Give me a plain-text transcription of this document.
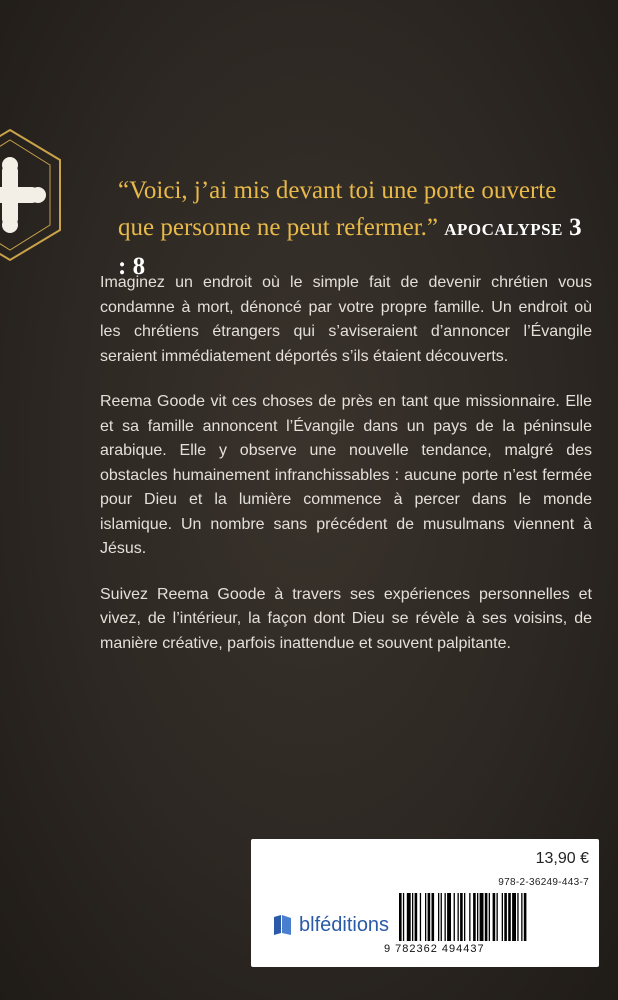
“Voici, j’ai mis devant toi une porte ouverte que personne ne peut refermer.” APOCALYPSE 3 : 8

Imaginez un endroit où le simple fait de devenir chrétien vous condamne à mort, dénoncé par votre propre famille. Un endroit où les chrétiens étrangers qui s’aviseraient d’annoncer l’Évangile seraient immédiatement déportés s’ils étaient découverts.

Reema Goode vit ces choses de près en tant que missionnaire. Elle et sa famille annoncent l’Évangile dans un pays de la péninsule arabique. Elle y observe une nouvelle tendance, malgré des obstacles humainement infranchissables : aucune porte n’est fermée pour Dieu et la lumière commence à percer dans le monde islamique. Un nombre sans précédent de musulmans viennent à Jésus.

Suivez Reema Goode à travers ses expériences personnelles et vivez, de l’intérieur, la façon dont Dieu se révèle à ses voisins, de manière créative, parfois inattendue et souvent palpitante.

13,90 €
978-2-36249-443-7
blféditions
9 782362 494437
